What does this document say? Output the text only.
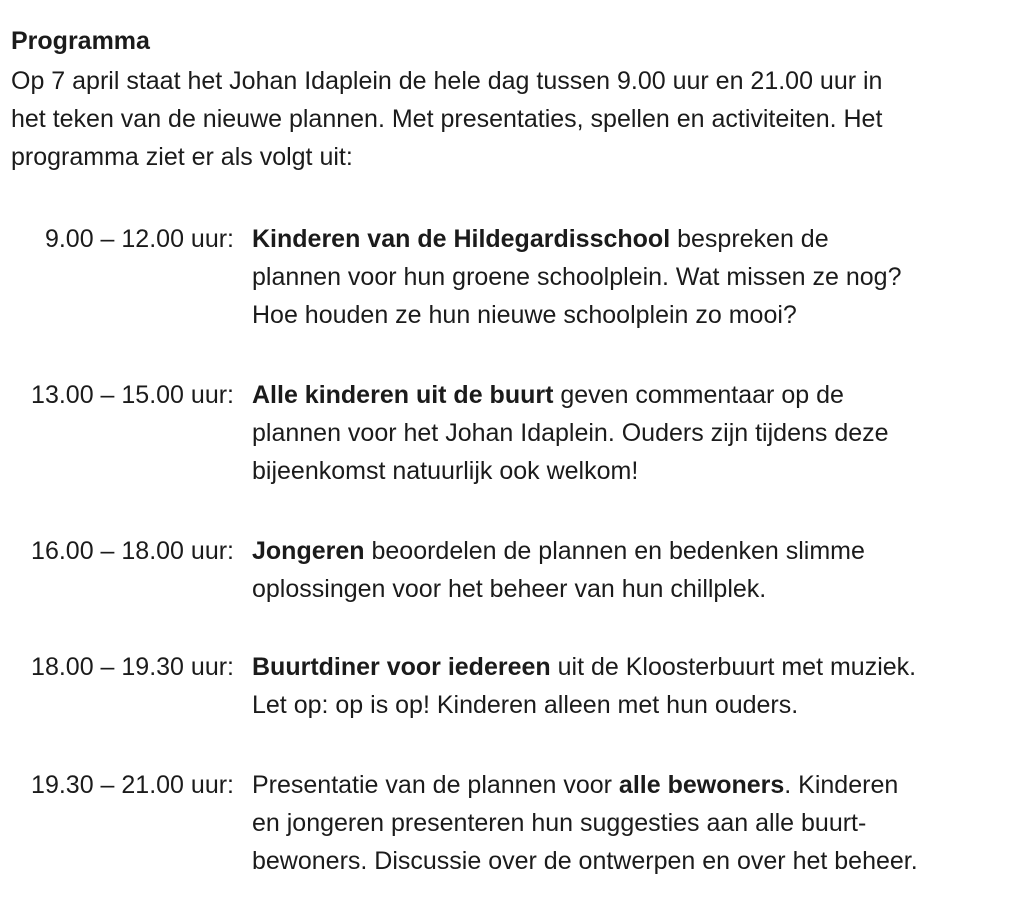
Programma

Op 7 april staat het Johan Idaplein de hele dag tussen 9.00 uur en 21.00 uur in
het teken van de nieuwe plannen. Met presentaties, spellen en activiteiten. Het
programma ziet er als volgt uit:

9.00 – 12.00 uur: Kinderen van de Hildegardisschool bespreken de
plannen voor hun groene schoolplein. Wat missen ze nog?
Hoe houden ze hun nieuwe schoolplein zo mooi?
13.00 – 15.00 uur: Alle kinderen uit de buurt geven commentaar op de
plannen voor het Johan Idaplein. Ouders zijn tijdens deze
bijeenkomst natuurlijk ook welkom!
16.00 – 18.00 uur: Jongeren beoordelen de plannen en bedenken slimme
oplossingen voor het beheer van hun chillplek.
18.00 – 19.30 uur: Buurtdiner voor iedereen uit de Kloosterbuurt met muziek.
Let op: op is op! Kinderen alleen met hun ouders.
19.30 – 21.00 uur: Presentatie van de plannen voor alle bewoners. Kinderen
en jongeren presenteren hun suggesties aan alle buurt-
bewoners. Discussie over de ontwerpen en over het beheer.
